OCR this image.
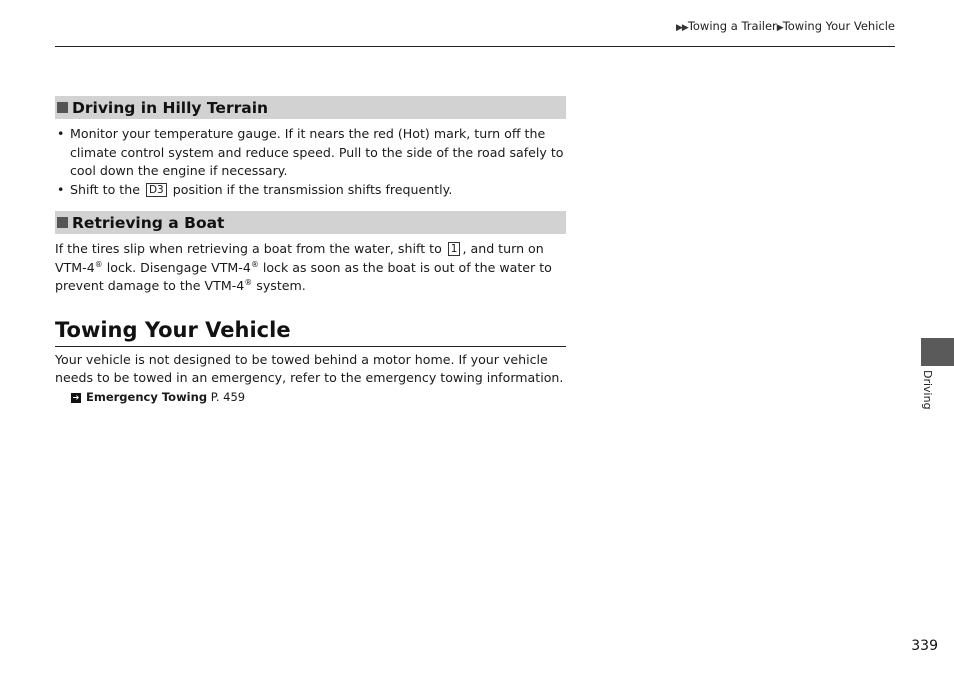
▶▶Towing a Trailer▶Towing Your Vehicle
Driving in Hilly Terrain
• Monitor your temperature gauge. If it nears the red (Hot) mark, turn off the climate control system and reduce speed. Pull to the side of the road safely to cool down the engine if necessary.
• Shift to the D3 position if the transmission shifts frequently.
Retrieving a Boat

If the tires slip when retrieving a boat from the water, shift to 1 , and turn on VTM-4® lock. Disengage VTM-4® lock as soon as the boat is out of the water to prevent damage to the VTM-4® system.

Towing Your Vehicle

Your vehicle is not designed to be towed behind a motor home. If your vehicle needs to be towed in an emergency, refer to the emergency towing information.

➔ Emergency Towing P. 459	Driving
339
